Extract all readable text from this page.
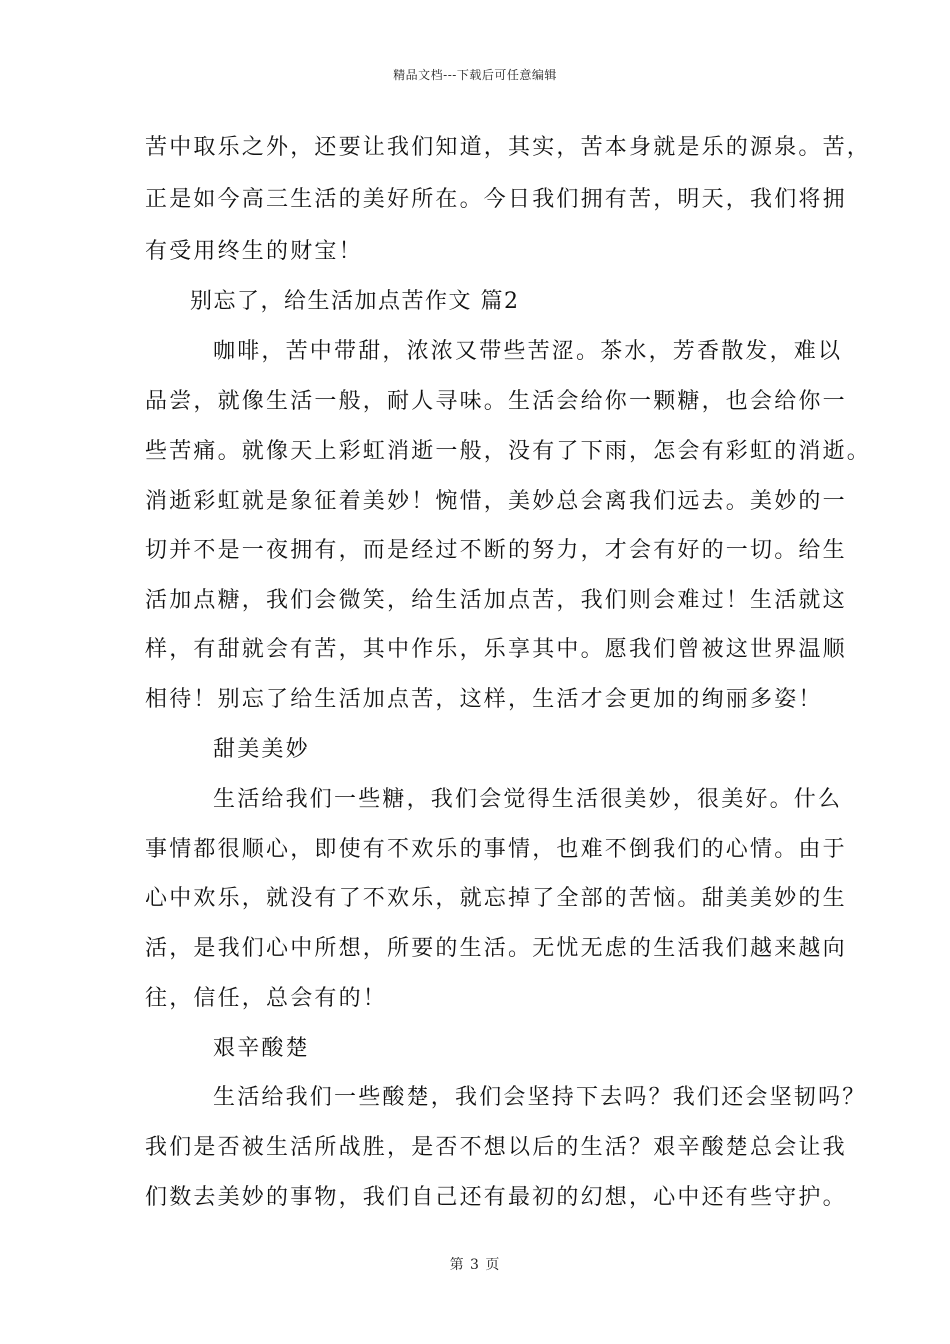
精品文档---下载后可任意编辑
苦中取乐之外，还要让我们知道，其实，苦本身就是乐的源泉。苦，
正是如今高三生活的美好所在。今日我们拥有苦，明天，我们将拥
有受用终生的财宝！
别忘了，给生活加点苦作文 篇2
咖啡，苦中带甜，浓浓又带些苦涩。茶水，芳香散发，难以
品尝，就像生活一般，耐人寻味。生活会给你一颗糖，也会给你一
些苦痛。就像天上彩虹消逝一般，没有了下雨，怎会有彩虹的消逝。
消逝彩虹就是象征着美妙！惋惜，美妙总会离我们远去。美妙的一
切并不是一夜拥有，而是经过不断的努力，才会有好的一切。给生
活加点糖，我们会微笑，给生活加点苦，我们则会难过！生活就这
样，有甜就会有苦，其中作乐，乐享其中。愿我们曾被这世界温顺
相待！别忘了给生活加点苦，这样，生活才会更加的绚丽多姿！
甜美美妙
生活给我们一些糖，我们会觉得生活很美妙，很美好。什么
事情都很顺心，即使有不欢乐的事情，也难不倒我们的心情。由于
心中欢乐，就没有了不欢乐，就忘掉了全部的苦恼。甜美美妙的生
活，是我们心中所想，所要的生活。无忧无虑的生活我们越来越向
往，信任，总会有的！
艰辛酸楚
生活给我们一些酸楚，我们会坚持下去吗？我们还会坚韧吗？
我们是否被生活所战胜，是否不想以后的生活？艰辛酸楚总会让我
们数去美妙的事物，我们自己还有最初的幻想，心中还有些守护。
第 3 页
